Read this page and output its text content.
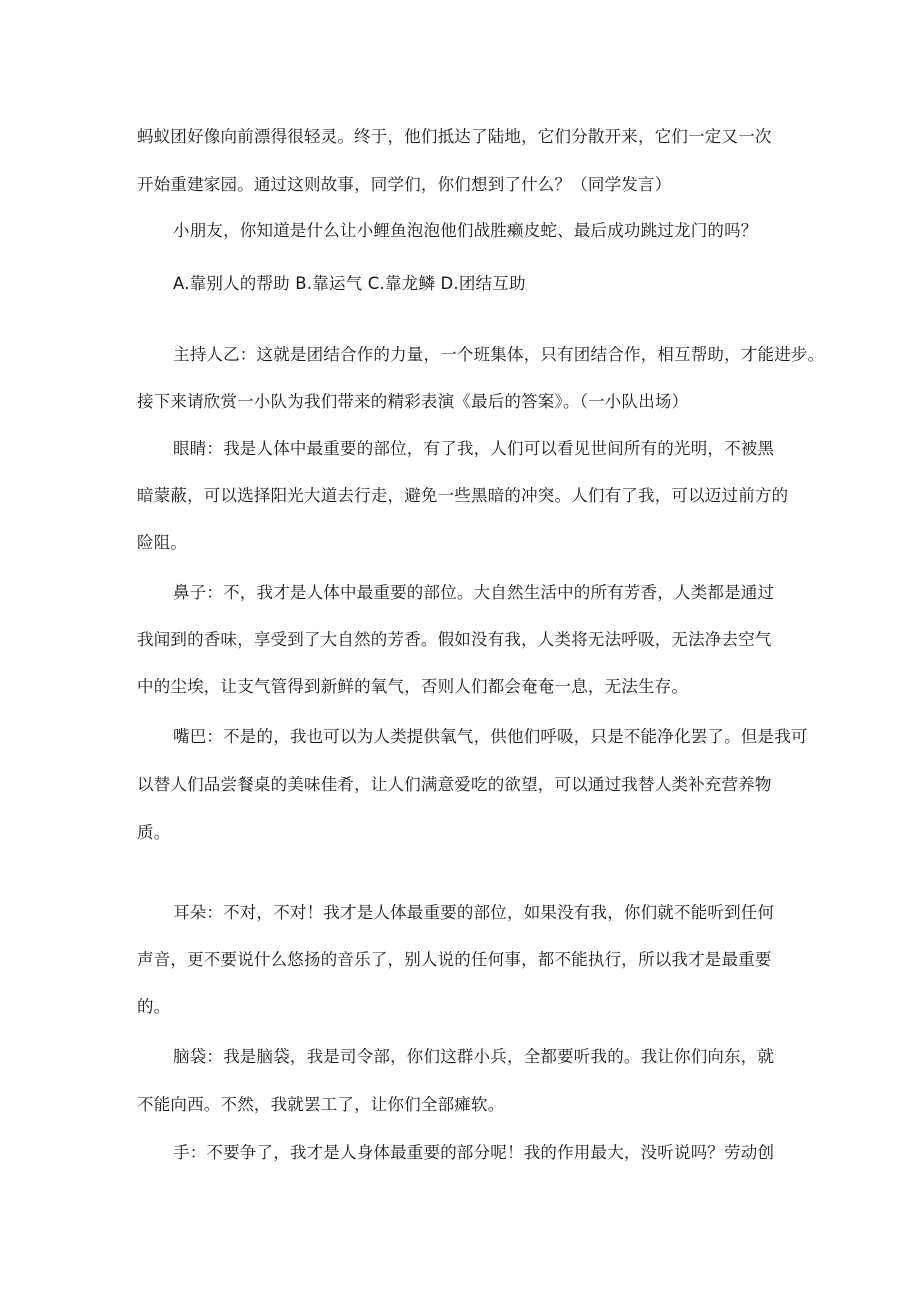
蚂蚁团好像向前漂得很轻灵。终于，他们抵达了陆地，它们分散开来，它们一定又一次
开始重建家园。通过这则故事，同学们，你们想到了什么？（同学发言）
小朋友，你知道是什么让小鲤鱼泡泡他们战胜癞皮蛇、最后成功跳过龙门的吗？
A.靠别人的帮助 B.靠运气 C.靠龙鳞 D.团结互助
主持人乙：这就是团结合作的力量，一个班集体，只有团结合作，相互帮助，才能进步。
接下来请欣赏一小队为我们带来的精彩表演《最后的答案》。（一小队出场）
眼睛：我是人体中最重要的部位，有了我，人们可以看见世间所有的光明，不被黑
暗蒙蔽，可以选择阳光大道去行走，避免一些黑暗的冲突。人们有了我，可以迈过前方的
险阻。
鼻子：不，我才是人体中最重要的部位。大自然生活中的所有芳香，人类都是通过
我闻到的香味，享受到了大自然的芳香。假如没有我，人类将无法呼吸，无法净去空气
中的尘埃，让支气管得到新鲜的氧气，否则人们都会奄奄一息，无法生存。
嘴巴：不是的，我也可以为人类提供氧气，供他们呼吸，只是不能净化罢了。但是我可
以替人们品尝餐桌的美味佳肴，让人们满意爱吃的欲望，可以通过我替人类补充营养物
质。
耳朵：不对，不对！我才是人体最重要的部位，如果没有我，你们就不能听到任何
声音，更不要说什么悠扬的音乐了，别人说的任何事，都不能执行，所以我才是最重要
的。
脑袋：我是脑袋，我是司令部，你们这群小兵，全都要听我的。我让你们向东，就
不能向西。不然，我就罢工了，让你们全部瘫软。
手：不要争了，我才是人身体最重要的部分呢！我的作用最大，没听说吗？劳动创
